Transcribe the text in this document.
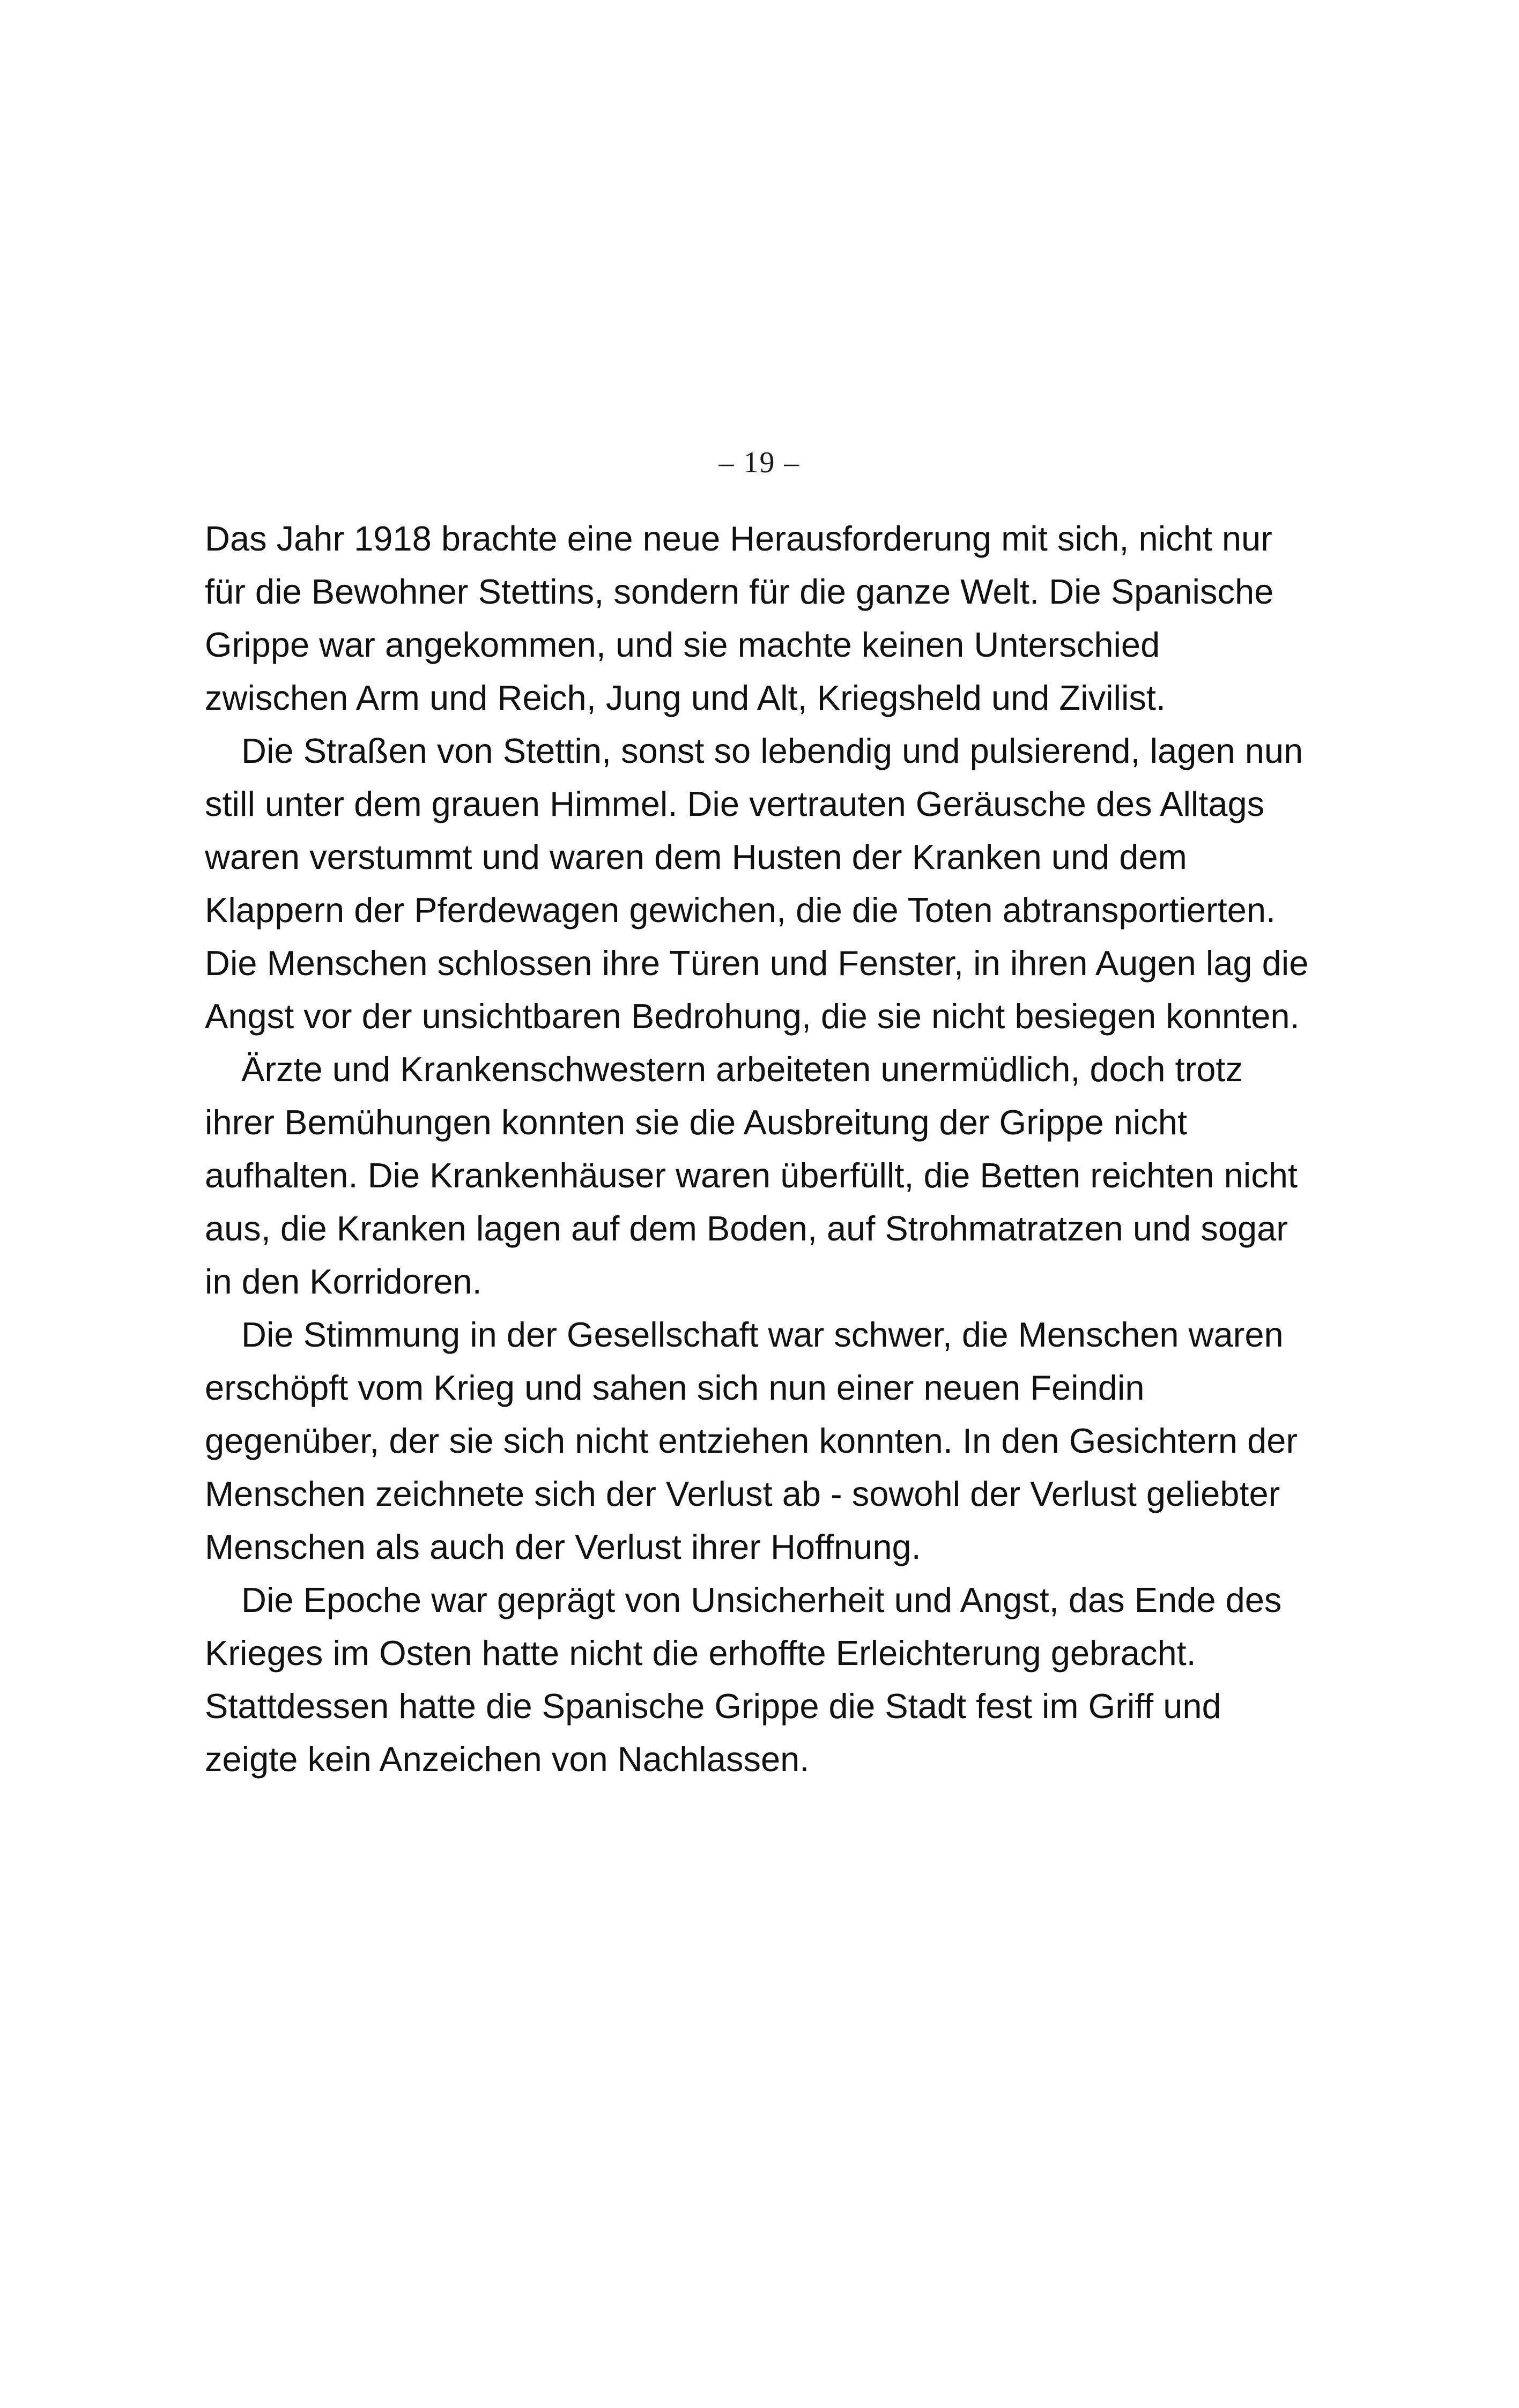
– 19 –

Das Jahr 1918 brachte eine neue Herausforderung mit sich, nicht nur für die Bewohner Stettins, sondern für die ganze Welt. Die Spanische Grippe war angekommen, und sie machte keinen Unterschied zwischen Arm und Reich, Jung und Alt, Kriegsheld und Zivilist.

Die Straßen von Stettin, sonst so lebendig und pulsierend, lagen nun still unter dem grauen Himmel. Die vertrauten Geräusche des Alltags waren verstummt und waren dem Husten der Kranken und dem Klappern der Pferdewagen gewichen, die die Toten abtransportierten. Die Menschen schlossen ihre Türen und Fenster, in ihren Augen lag die Angst vor der unsichtbaren Bedrohung, die sie nicht besiegen konnten.

Ärzte und Krankenschwestern arbeiteten unermüdlich, doch trotz ihrer Bemühungen konnten sie die Ausbreitung der Grippe nicht aufhalten. Die Krankenhäuser waren überfüllt, die Betten reichten nicht aus, die Kranken lagen auf dem Boden, auf Strohmatratzen und sogar in den Korridoren.

Die Stimmung in der Gesellschaft war schwer, die Menschen waren erschöpft vom Krieg und sahen sich nun einer neuen Feindin gegenüber, der sie sich nicht entziehen konnten. In den Gesichtern der Menschen zeichnete sich der Verlust ab - sowohl der Verlust geliebter Menschen als auch der Verlust ihrer Hoffnung.

Die Epoche war geprägt von Unsicherheit und Angst, das Ende des Krieges im Osten hatte nicht die erhoffte Erleichterung gebracht. Stattdessen hatte die Spanische Grippe die Stadt fest im Griff und zeigte kein Anzeichen von Nachlassen.
